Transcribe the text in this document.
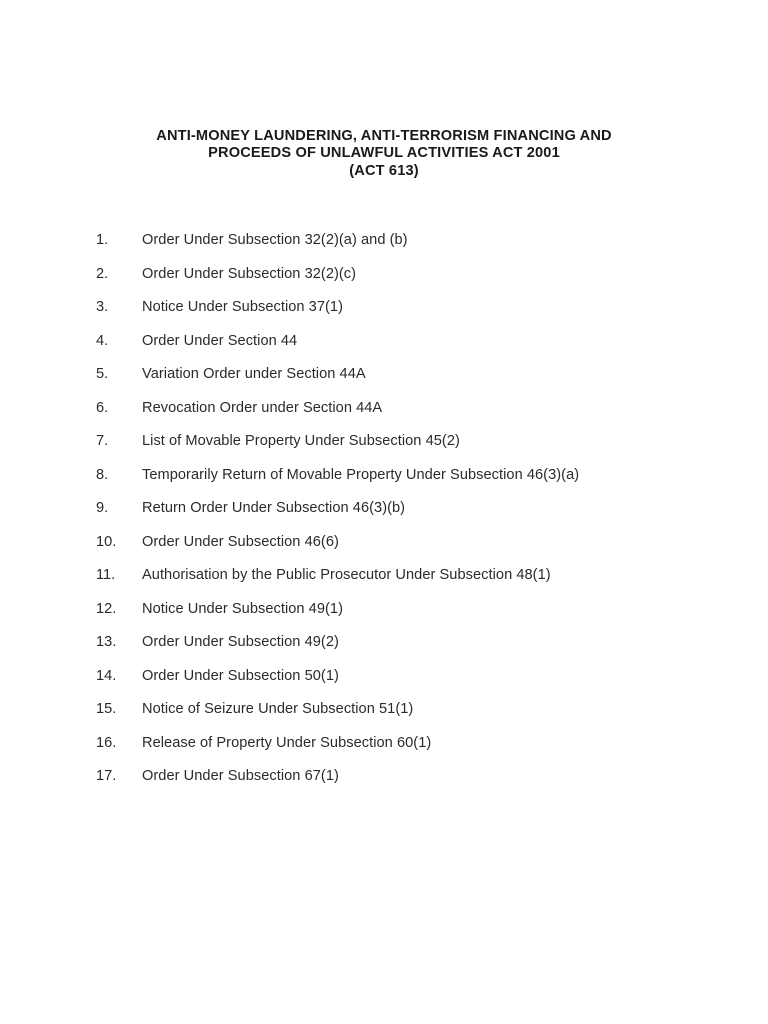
ANTI-MONEY LAUNDERING, ANTI-TERRORISM FINANCING AND
PROCEEDS OF UNLAWFUL ACTIVITIES ACT 2001
(ACT 613)
1.	Order Under Subsection 32(2)(a) and (b)
2.	Order Under Subsection 32(2)(c)
3.	Notice Under Subsection 37(1)
4.	Order Under Section 44
5.	Variation Order under Section 44A
6.	Revocation Order under Section 44A
7.	List of Movable Property Under Subsection 45(2)
8.	Temporarily Return of Movable Property Under Subsection 46(3)(a)
9.	Return Order Under Subsection 46(3)(b)
10.	Order Under Subsection 46(6)
11.	Authorisation by the Public Prosecutor Under Subsection 48(1)
12.	Notice Under Subsection 49(1)
13.	Order Under Subsection 49(2)
14.	Order Under Subsection 50(1)
15.	Notice of Seizure Under Subsection 51(1)
16.	Release of Property Under Subsection 60(1)
17.	Order Under Subsection 67(1)
